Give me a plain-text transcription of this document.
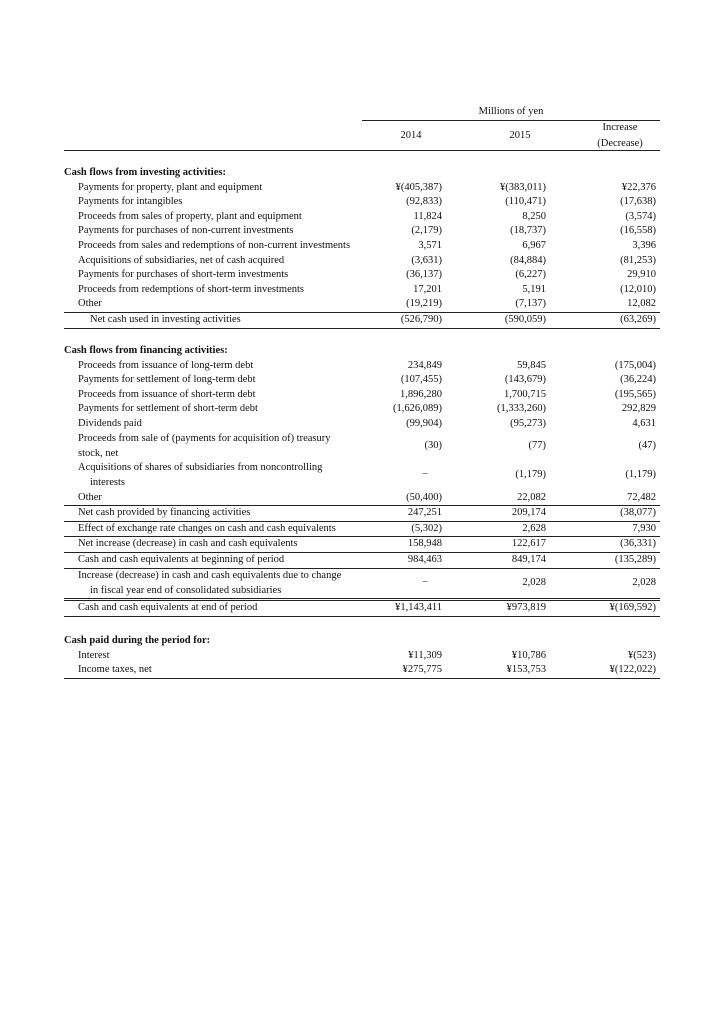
Millions of yen
2014	2015
Increase
(Decrease)
Cash flows from investing activities:
Payments for property, plant and equipment	¥(405,387)	¥(383,011)	¥22,376
Payments for intangibles	(92,833)	(110,471)	(17,638)
Proceeds from sales of property, plant and equipment	11,824	8,250	(3,574)
Payments for purchases of non-current investments	(2,179)	(18,737)	(16,558)
Proceeds from sales and redemptions of non-current investments	3,571	6,967	3,396
Acquisitions of subsidiaries, net of cash acquired	(3,631)	(84,884)	(81,253)
Payments for purchases of short-term investments	(36,137)	(6,227)	29,910
Proceeds from redemptions of short-term investments	17,201	5,191	(12,010)
Other	(19,219)	(7,137)	12,082
Net cash used in investing activities	(526,790)	(590,059)	(63,269)
Cash flows from financing activities:
Proceeds from issuance of long-term debt	234,849	59,845	(175,004)
Payments for settlement of long-term debt	(107,455)	(143,679)	(36,224)
Proceeds from issuance of short-term debt	1,896,280	1,700,715	(195,565)
Payments for settlement of short-term debt	(1,626,089)	(1,333,260)	292,829
Dividends paid	(99,904)	(95,273)	4,631
Proceeds from sale of (payments for acquisition of) treasury
stock, net
(30)	(77)	(47)
Acquisitions of shares of subsidiaries from noncontrolling
interests
−	(1,179)	(1,179)
Other	(50,400)	22,082	72,482
Net cash provided by financing activities	247,251	209,174	(38,077)
Effect of exchange rate changes on cash and cash equivalents	(5,302)	2,628	7,930
Net increase (decrease) in cash and cash equivalents	158,948	122,617	(36,331)
Cash and cash equivalents at beginning of period	984,463	849,174	(135,289)
Increase (decrease) in cash and cash equivalents due to change
in fiscal year end of consolidated subsidiaries
−	2,028	2,028
Cash and cash equivalents at end of period	¥1,143,411	¥973,819	¥(169,592)
Cash paid during the period for:
Interest	¥11,309	¥10,786	¥(523)
Income taxes, net	¥275,775	¥153,753	¥(122,022)
